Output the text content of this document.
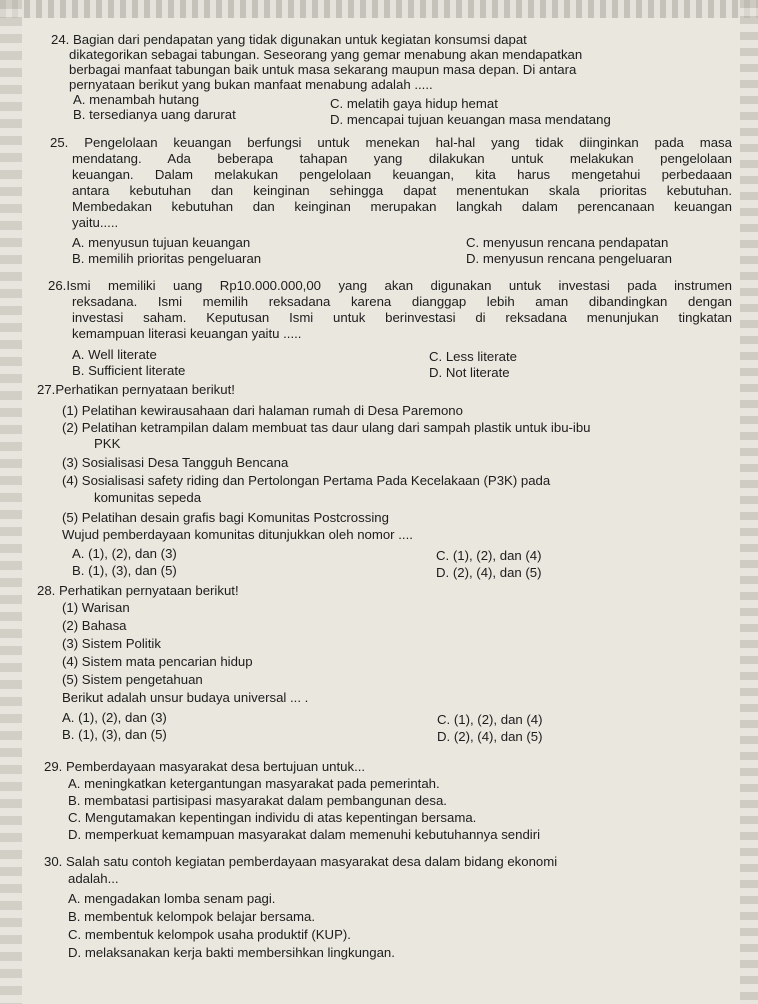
24. Bagian dari pendapatan yang tidak digunakan untuk kegiatan konsumsi dapat
dikategorikan sebagai tabungan. Seseorang yang gemar menabung akan mendapatkan
berbagai manfaat tabungan baik untuk masa sekarang maupun masa depan. Di antara
pernyataan berikut yang bukan manfaat menabung adalah .....
A. menambah hutang
B. tersedianya uang darurat
C. melatih gaya hidup hemat
D. mencapai tujuan keuangan masa mendatang
25. Pengelolaan keuangan berfungsi untuk menekan hal-hal yang tidak diinginkan pada masa
mendatang. Ada beberapa tahapan yang dilakukan untuk melakukan pengelolaan
keuangan. Dalam melakukan pengelolaan keuangan, kita harus mengetahui perbedaaan
antara kebutuhan dan keinginan sehingga dapat menentukan skala prioritas kebutuhan.
Membedakan kebutuhan dan keinginan merupakan langkah dalam perencanaan keuangan
yaitu.....
A. menyusun tujuan keuangan
B. memilih prioritas pengeluaran
C. menyusun rencana pendapatan
D. menyusun rencana pengeluaran
26.Ismi memiliki uang Rp10.000.000,00 yang akan digunakan untuk investasi pada instrumen
reksadana. Ismi memilih reksadana karena dianggap lebih aman dibandingkan dengan
investasi saham. Keputusan Ismi untuk berinvestasi di reksadana menunjukan tingkatan
kemampuan literasi keuangan yaitu .....
A. Well literate
B. Sufficient literate
C. Less literate
D. Not literate
27.Perhatikan pernyataan berikut!
(1) Pelatihan kewirausahaan dari halaman rumah di Desa Paremono
(2) Pelatihan ketrampilan dalam membuat tas daur ulang dari sampah plastik untuk ibu-ibu
PKK
(3) Sosialisasi Desa Tangguh Bencana
(4) Sosialisasi safety riding dan Pertolongan Pertama Pada Kecelakaan (P3K) pada
komunitas sepeda
(5) Pelatihan desain grafis bagi Komunitas Postcrossing
Wujud pemberdayaan komunitas ditunjukkan oleh nomor ....
A. (1), (2), dan (3)
B. (1), (3), dan (5)
C. (1), (2), dan (4)
D. (2), (4), dan (5)
28. Perhatikan pernyataan berikut!
(1) Warisan
(2) Bahasa
(3) Sistem Politik
(4) Sistem mata pencarian hidup
(5) Sistem pengetahuan
Berikut adalah unsur budaya universal ... .
A. (1), (2), dan (3)
B. (1), (3), dan (5)
C. (1), (2), dan (4)
D. (2), (4), dan (5)
29. Pemberdayaan masyarakat desa bertujuan untuk...
A. meningkatkan ketergantungan masyarakat pada pemerintah.
B. membatasi partisipasi masyarakat dalam pembangunan desa.
C. Mengutamakan kepentingan individu di atas kepentingan bersama.
D. memperkuat kemampuan masyarakat dalam memenuhi kebutuhannya sendiri
30. Salah satu contoh kegiatan pemberdayaan masyarakat desa dalam bidang ekonomi
adalah...
A. mengadakan lomba senam pagi.
B. membentuk kelompok belajar bersama.
C. membentuk kelompok usaha produktif (KUP).
D. melaksanakan kerja bakti membersihkan lingkungan.
